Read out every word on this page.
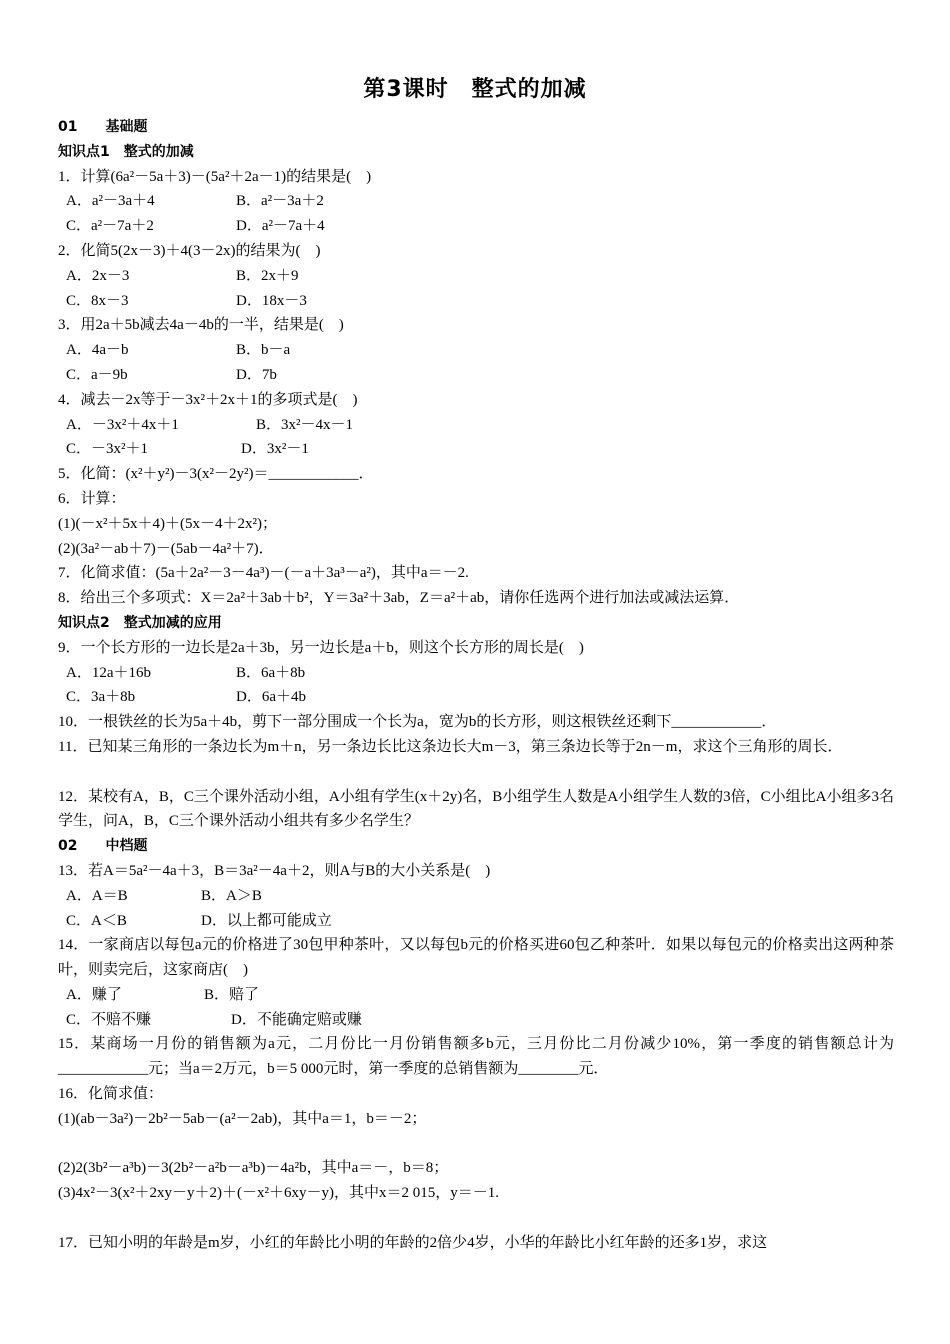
第3课时　整式的加减
01　　基础题
知识点1　整式的加减
1．计算(6a²－5a＋3)－(5a²＋2a－1)的结果是(　)
A．a²－3a＋4	B．a²－3a＋2
C．a²－7a＋2	D．a²－7a＋4
2．化简5(2x－3)＋4(3－2x)的结果为(　)
A．2x－3	B．2x＋9
C．8x－3	D．18x－3
3．用2a＋5b减去4a－4b的一半，结果是(　)
A．4a－b	B．b－a
C．a－9b	D．7b
4．减去－2x等于－3x²＋2x＋1的多项式是(　)
A．－3x²＋4x＋1	B．3x²－4x－1
C．－3x²＋1	D．3x²－1
5．化简：(x²＋y²)－3(x²－2y²)＝____________．
6．计算：
(1)(－x²＋5x＋4)＋(5x－4＋2x²)；
(2)(3a²－ab＋7)－(5ab－4a²＋7)．
7．化简求值：(5a＋2a²－3－4a³)－(－a＋3a³－a²)，其中a＝－2.
8．给出三个多项式：X＝2a²＋3ab＋b²，Y＝3a²＋3ab，Z＝a²＋ab，请你任选两个进行加法或减法运算．
知识点2　整式加减的应用
9．一个长方形的一边长是2a＋3b，另一边长是a＋b，则这个长方形的周长是(　)
A．12a＋16b	B．6a＋8b
C．3a＋8b	D．6a＋4b
10．一根铁丝的长为5a＋4b，剪下一部分围成一个长为a，宽为b的长方形，则这根铁丝还剩下____________．
11．已知某三角形的一条边长为m＋n，另一条边长比这条边长大m－3，第三条边长等于2n－m，求这个三角形的周长．
12．某校有A，B，C三个课外活动小组，A小组有学生(x＋2y)名，B小组学生人数是A小组学生人数的3倍，C小组比A小组多3名学生，问A，B，C三个课外活动小组共有多少名学生？
02　　中档题
13．若A＝5a²－4a＋3，B＝3a²－4a＋2，则A与B的大小关系是(　)
A．A＝B	B．A＞B
C．A＜B	D．以上都可能成立
14．一家商店以每包a元的价格进了30包甲种茶叶，又以每包b元的价格买进60包乙种茶叶．如果以每包元的价格卖出这两种茶叶，则卖完后，这家商店(　)
A．赚了	B．赔了
C．不赔不赚	D．不能确定赔或赚
15．某商场一月份的销售额为a元，二月份比一月份销售额多b元，三月份比二月份减少10%，第一季度的销售额总计为____________元；当a＝2万元，b＝5 000元时，第一季度的总销售额为________元．
16．化简求值：
(1)(ab－3a²)－2b²－5ab－(a²－2ab)，其中a＝1，b＝－2；
(2)2(3b²－a³b)－3(2b²－a²b－a³b)－4a²b，其中a＝－，b＝8；
(3)4x²－3(x²＋2xy－y＋2)＋(－x²＋6xy－y)，其中x＝2 015，y＝－1.
17．已知小明的年龄是m岁，小红的年龄比小明的年龄的2倍少4岁，小华的年龄比小红年龄的还多1岁，求这
